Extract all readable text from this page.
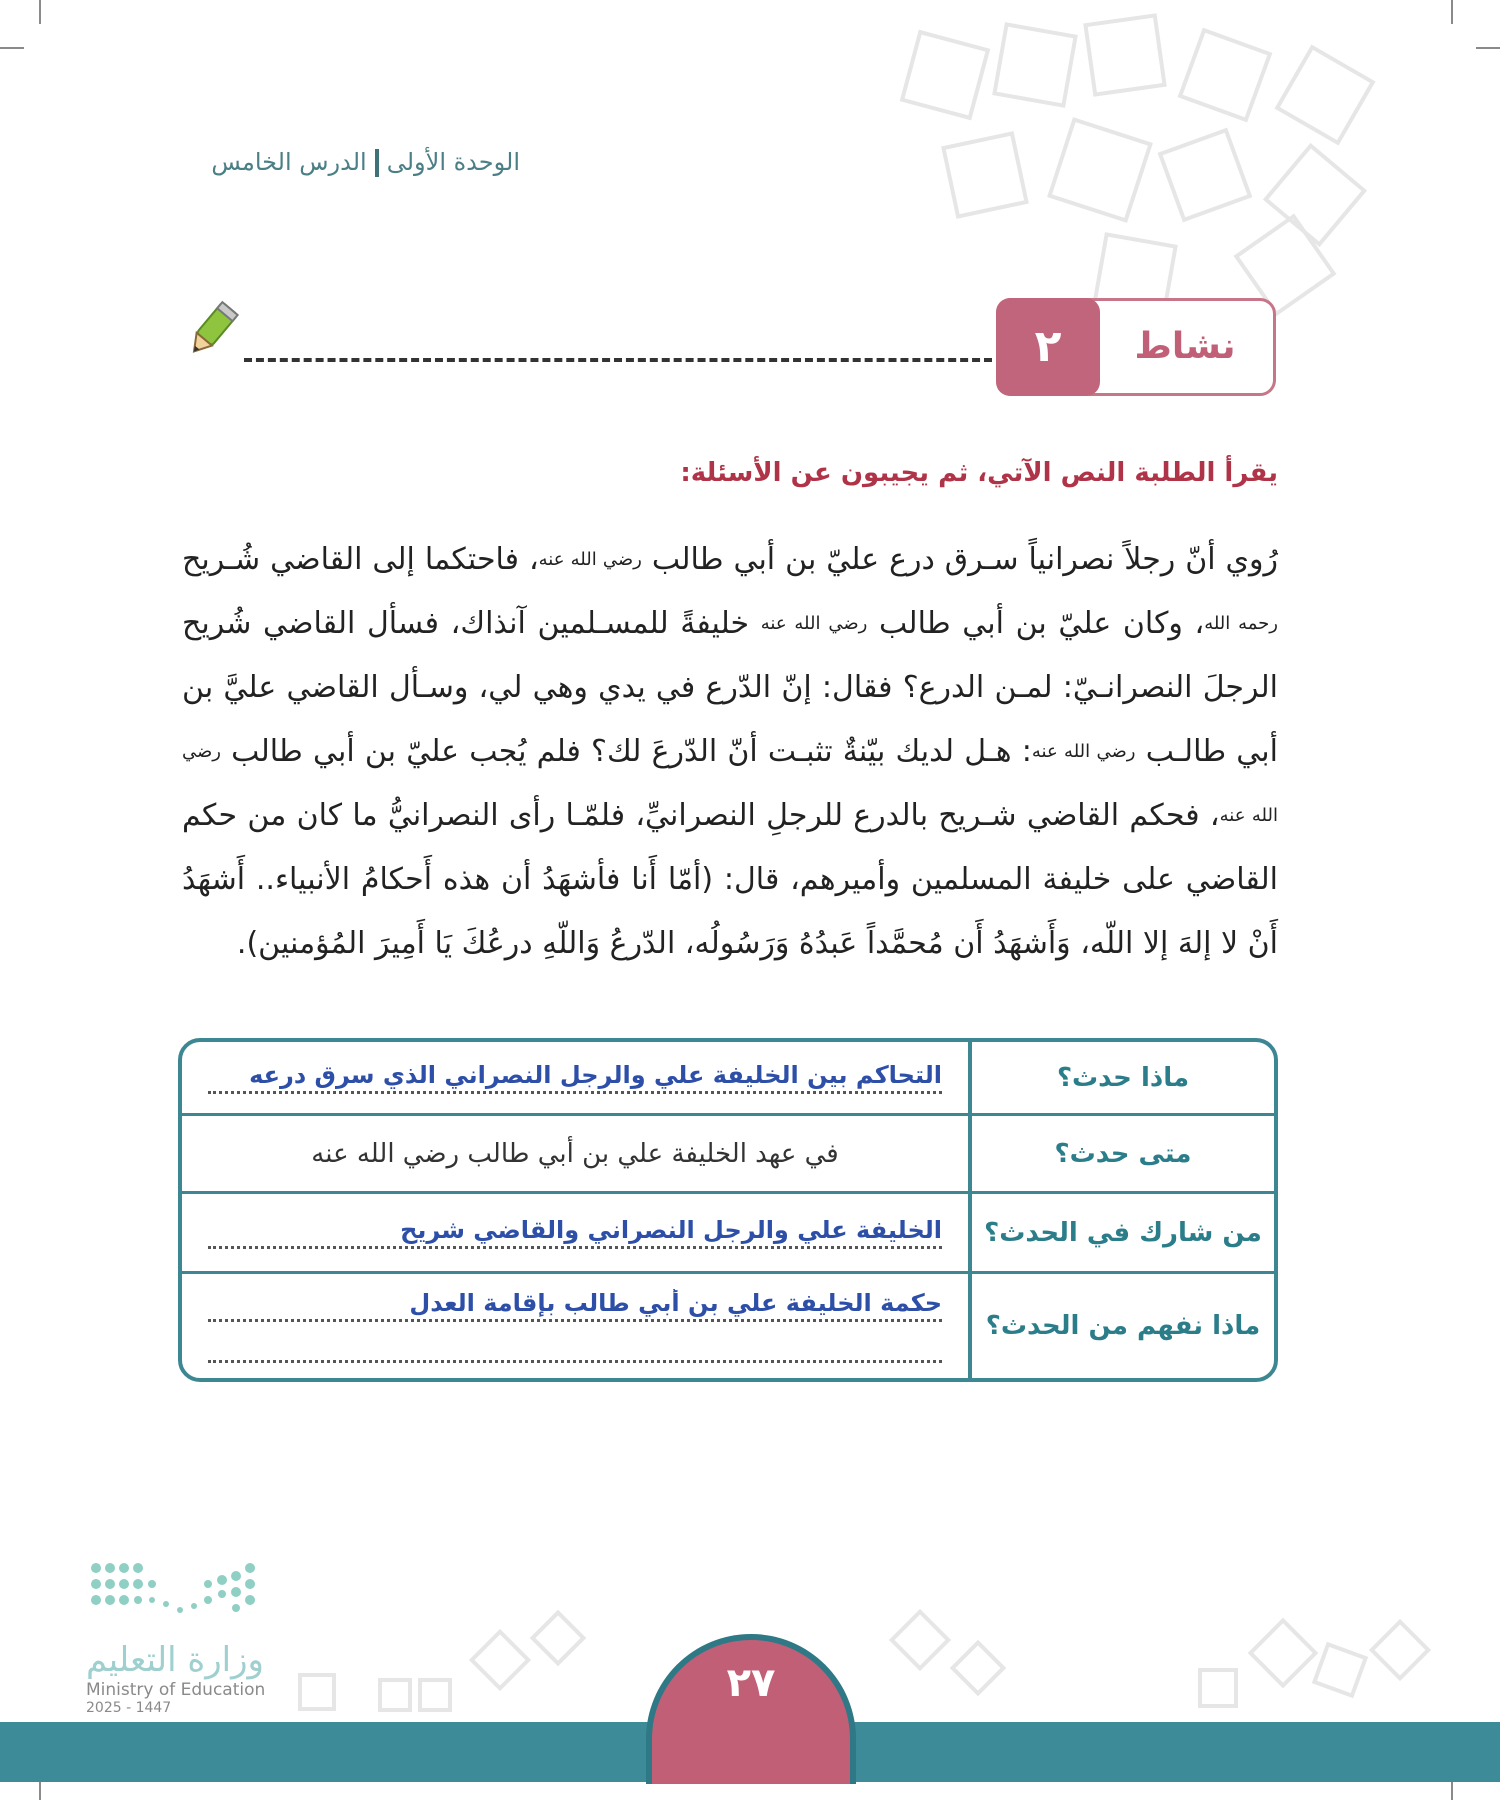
الوحدة الأولىالدرس الخامس
نشاط
٢
يقرأ الطلبة النص الآتي، ثم يجيبون عن الأسئلة:
رُوي أنّ رجلاً نصرانياً سـرق درع عليّ بن أبي طالب $^{رضي الله عنه}$، فاحتكما إلى القاضي شُـريح $^{رحمه الله}$، وكان عليّ بن أبي طالب $^{رضي الله عنه}$ خليفةً للمسـلمين آنذاك، فسأل القاضي شُريح الرجلَ النصرانـيّ: لمـن الدرع؟ فقال: إنّ الدّرع في يدي وهي لي، وسـأل القاضي عليَّ بن أبي طالـب $^{رضي الله عنه}$: هـل لديك بيّنةٌ تثبـت أنّ الدّرعَ لك؟ فلم يُجب عليّ بن أبي طالب $^{رضي الله عنه}$، فحكم القاضي شـريح بالدرع للرجلِ النصرانيِّ، فلمّـا رأى النصرانيُّ ما كان من حكم القاضي على خليفة المسلمين وأميرهم، قال: (أمّا أَنا فأشهَدُ أن هذه أَحكامُ الأنبياء.. أَشهَدُ أَنْ لا إلهَ إلا اللّه، وَأَشهَدُ أَن مُحمَّداً عَبدُهُ وَرَسُولُه، الدّرعُ وَاللّهِ درعُكَ يَا أَمِيرَ المُؤمنين).
ماذا حدث؟
التحاكم بين الخليفة علي والرجل النصراني الذي سرق درعه
متى حدث؟
في عهد الخليفة علي بن أبي طالب رضي الله عنه
من شارك في الحدث؟
الخليفة علي والرجل النصراني والقاضي شريح
ماذا نفهم من الحدث؟
حكمة الخليفة علي بن أبي طالب بإقامة العدل
وزارة التعليم
Ministry of Education
2025 - 1447
٢٧
